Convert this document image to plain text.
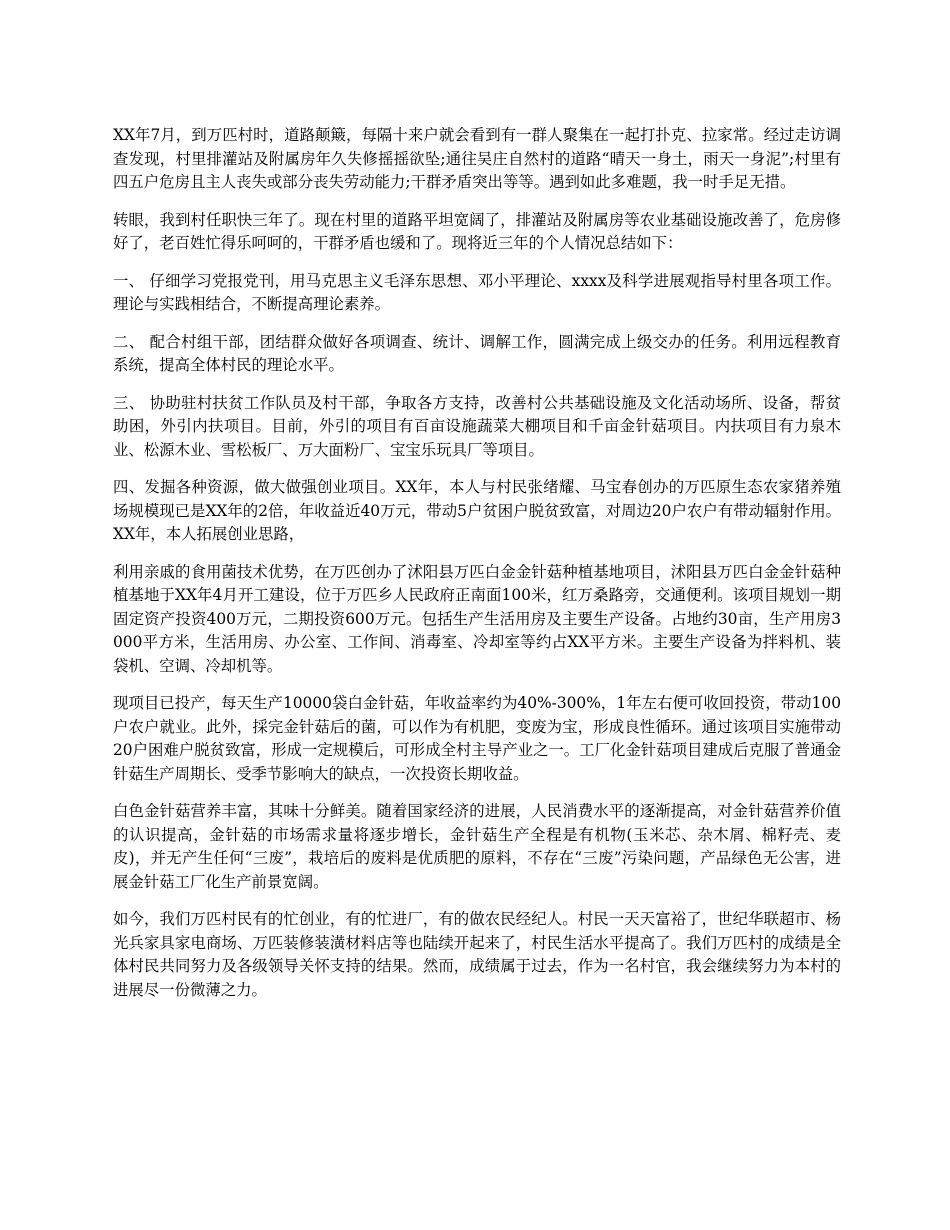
XX年7月，到万匹村时，道路颠簸，每隔十来户就会看到有一群人聚集在一起打扑克、拉家常。经过走访调查发现，村里排灌站及附属房年久失修摇摇欲坠;通往吴庄自然村的道路“晴天一身土，雨天一身泥”;村里有四五户危房且主人丧失或部分丧失劳动能力;干群矛盾突出等等。遇到如此多难题，我一时手足无措。

转眼，我到村任职快三年了。现在村里的道路平坦宽阔了，排灌站及附属房等农业基础设施改善了，危房修好了，老百姓忙得乐呵呵的，干群矛盾也缓和了。现将近三年的个人情况总结如下：

一、 仔细学习党报党刊，用马克思主义毛泽东思想、邓小平理论、xxxx及科学进展观指导村里各项工作。理论与实践相结合，不断提高理论素养。

二、 配合村组干部，团结群众做好各项调查、统计、调解工作，圆满完成上级交办的任务。利用远程教育系统，提高全体村民的理论水平。

三、 协助驻村扶贫工作队员及村干部，争取各方支持，改善村公共基础设施及文化活动场所、设备，帮贫助困，外引内扶项目。目前，外引的项目有百亩设施蔬菜大棚项目和千亩金针菇项目。内扶项目有力泉木业、松源木业、雪松板厂、万大面粉厂、宝宝乐玩具厂等项目。

四、发掘各种资源，做大做强创业项目。XX年，本人与村民张绪耀、马宝春创办的万匹原生态农家猪养殖场规模现已是XX年的2倍，年收益近40万元，带动5户贫困户脱贫致富，对周边20户农户有带动辐射作用。XX年，本人拓展创业思路，

利用亲戚的食用菌技术优势，在万匹创办了沭阳县万匹白金金针菇种植基地项目，沭阳县万匹白金金针菇种植基地于XX年4月开工建设，位于万匹乡人民政府正南面100米，红万桑路旁，交通便利。该项目规划一期固定资产投资400万元，二期投资600万元。包括生产生活用房及主要生产设备。占地约30亩，生产用房3000平方米，生活用房、办公室、工作间、消毒室、冷却室等约占XX平方米。主要生产设备为拌料机、装袋机、空调、冷却机等。

现项目已投产，每天生产10000袋白金针菇，年收益率约为40%-300%，1年左右便可收回投资，带动100户农户就业。此外，採完金针菇后的菌，可以作为有机肥，变废为宝，形成良性循环。通过该项目实施带动20户困难户脱贫致富，形成一定规模后，可形成全村主导产业之一。工厂化金针菇项目建成后克服了普通金针菇生产周期长、受季节影响大的缺点，一次投资长期收益。

白色金针菇营养丰富，其味十分鲜美。随着国家经济的进展，人民消费水平的逐渐提高，对金针菇营养价值的认识提高，金针菇的市场需求量将逐步增长，金针菇生产全程是有机物(玉米芯、杂木屑、棉籽壳、麦皮)，并无产生任何“三废”，栽培后的废料是优质肥的原料，不存在“三废”污染问题，产品绿色无公害，进展金针菇工厂化生产前景宽阔。

如今，我们万匹村民有的忙创业，有的忙进厂，有的做农民经纪人。村民一天天富裕了，世纪华联超市、杨光兵家具家电商场、万匹装修装潢材料店等也陆续开起来了，村民生活水平提高了。我们万匹村的成绩是全体村民共同努力及各级领导关怀支持的结果。然而，成绩属于过去，作为一名村官，我会继续努力为本村的进展尽一份微薄之力。
